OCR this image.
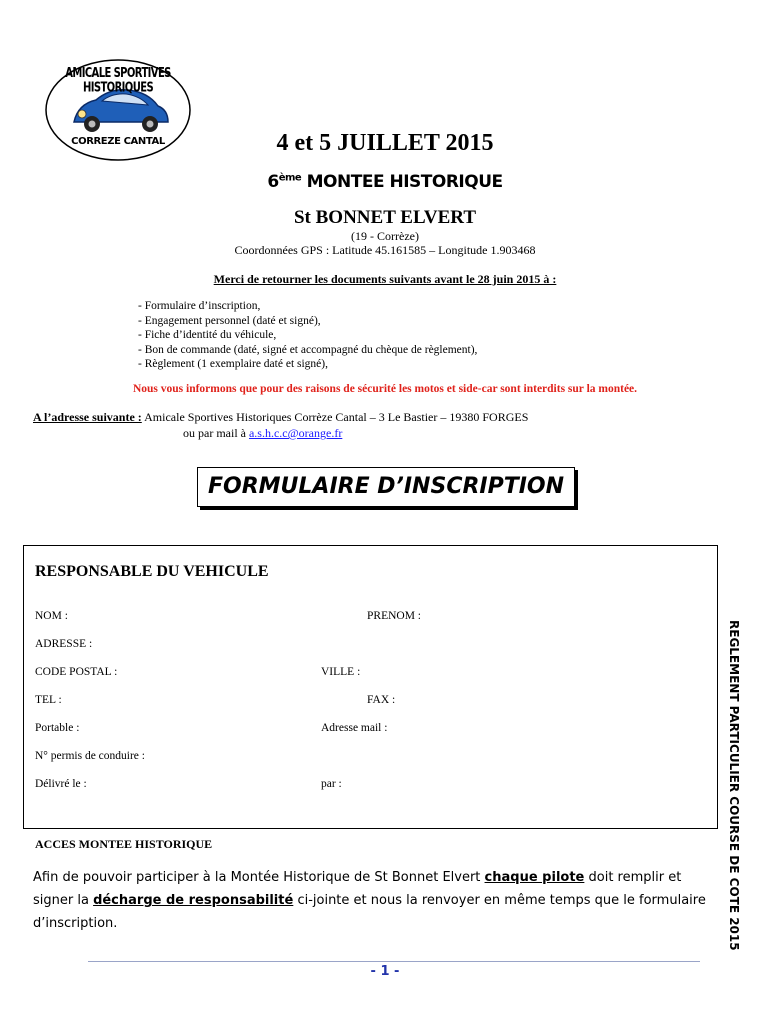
AMICALE SPORTIVES HISTORIQUES
CORREZE CANTAL	4 et 5 JUILLET 2015
6ème MONTEE HISTORIQUE
St BONNET ELVERT
(19 - Corrèze)
Coordonnées GPS : Latitude 45.161585 – Longitude 1.903468
Merci de retourner les documents suivants avant le 28 juin 2015 à :
- Formulaire d’inscription,
- Engagement personnel (daté et signé),
- Fiche d’identité du véhicule,
- Bon de commande (daté, signé et accompagné du chèque de règlement),
- Règlement (1 exemplaire daté et signé),
Nous vous informons que pour des raisons de sécurité les motos et side-car sont interdits sur la montée.
A l’adresse suivante : Amicale Sportives Historiques Corrèze Cantal – 3 Le Bastier – 19380 FORGES
ou par mail à a.s.h.c.c@orange.fr
FORMULAIRE D’INSCRIPTION
RESPONSABLE DU VEHICULE
NOM :	PRENOM :
ADRESSE :
CODE POSTAL :	VILLE :
TEL :	FAX :
Portable :	Adresse mail :
N° permis de conduire :
Délivré le :	par :	REGLEMENT PARTICULIER COURSE DE COTE 2015
ACCES MONTEE HISTORIQUE
Afin de pouvoir participer à la Montée Historique de St Bonnet Elvert chaque pilote doit remplir et signer la décharge de responsabilité ci-jointe et nous la renvoyer en même temps que le formulaire d’inscription.
- 1 -
